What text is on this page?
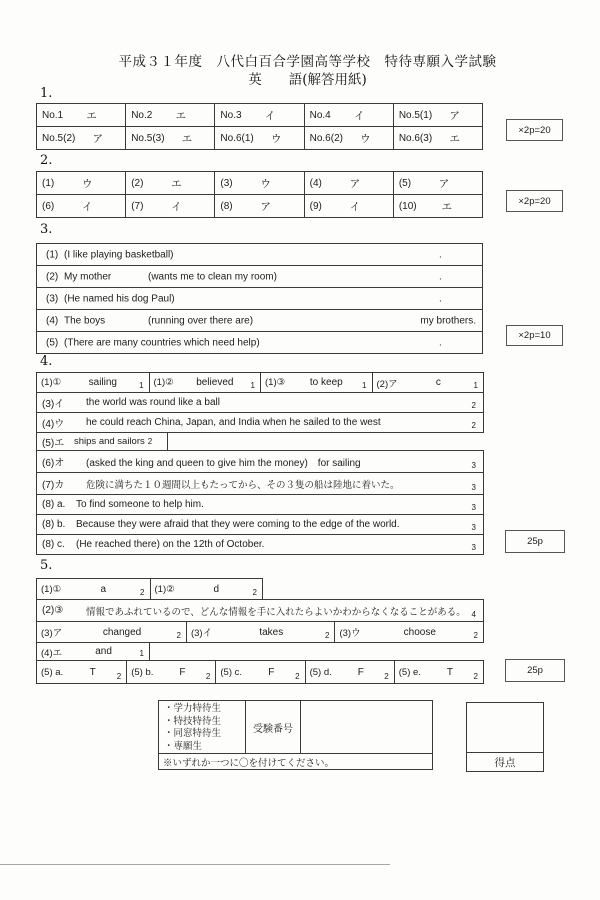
平成３１年度　八代白百合学園高等学校　特待専願入学試験
英　　語(解答用紙)
1.
No.1	エ	No.2	エ	No.3	イ	No.4	イ	No.5(1)	ア
No.5(2)	ア	No.5(3)	エ	No.6(1)	ウ	No.6(2)	ウ	No.6(3)	エ
×2p=20
2.
(1)	ウ	(2)	エ	(3)	ウ	(4)	ア	(5)	ア
(6)	イ	(7)	イ	(8)	ア	(9)	イ	(10)	エ	×2p=20
3.
(1) (I like playing basketball)	.
(2) My mother	(wants me to clean my room)	.
(3) (He named his dog Paul)	.
(4) The boys	(running over there are)	my brothers.
(5) (There are many countries which need help)	.
×2p=10
4.
(1)①	sailing	1 (1)②	believed	1 (1)③	to keep	1 (2)ア	c	1
(3)イ	the world was round like a ball	2
(4)ウ	he could reach China, Japan, and India when he sailed to the west	2
(5)エ	ships and sailors 2
(6)オ	(asked the king and queen to give him the money)　for sailing	3
(7)カ	危険に満ちた１０週間以上もたってから、その３隻の船は陸地に着いた。	3
(8) a.	To find someone to help him.	3
(8) b.	Because they were afraid that they were coming to the edge of the world.	3
(8) c.	(He reached there) on the 12th of October.	3
25p
5.
(1)①	a	2 (1)②	d	2
(2)③	情報であふれているので、どんな情報を手に入れたらよいかわからなくなることがある。 4
(3)ア	changed	2 (3)イ	takes	2 (3)ウ	choose	2
(4)エ	and	1
(5) a.	T	2 (5) b.	F	2 (5) c.	F	2 (5) d.	F	2 (5) e.	T	2
25p
・学力特待生
・特技特待生
・同窓特待生
・専願生
受験番号
※いずれか一つに〇を付けてください。	得点
